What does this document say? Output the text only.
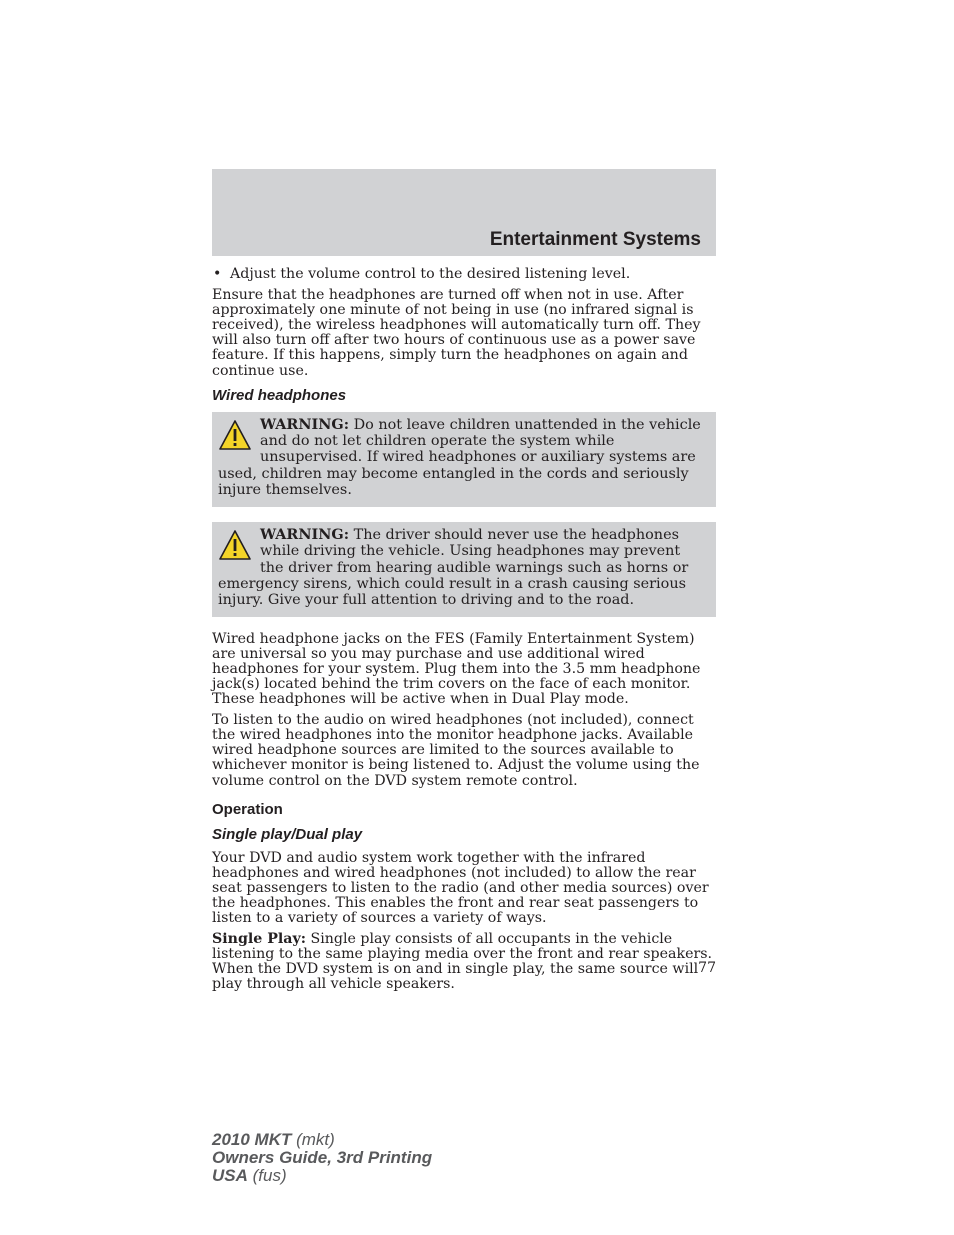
Entertainment Systems
• Adjust the volume control to the desired listening level.

Ensure that the headphones are turned off when not in use. After approximately one minute of not being in use (no infrared signal is received), the wireless headphones will automatically turn off. They will also turn off after two hours of continuous use as a power save feature. If this happens, simply turn the headphones on again and continue use.

Wired headphones
WARNING: Do not leave children unattended in the vehicle and do not let children operate the system while unsupervised. If wired headphones or auxiliary systems are used, children may become entangled in the cords and seriously injure themselves.
WARNING: The driver should never use the headphones while driving the vehicle. Using headphones may prevent the driver from hearing audible warnings such as horns or emergency sirens, which could result in a crash causing serious injury. Give your full attention to driving and to the road.

Wired headphone jacks on the FES (Family Entertainment System) are universal so you may purchase and use additional wired headphones for your system. Plug them into the 3.5 mm headphone jack(s) located behind the trim covers on the face of each monitor. These headphones will be active when in Dual Play mode.

To listen to the audio on wired headphones (not included), connect the wired headphones into the monitor headphone jacks. Available wired headphone sources are limited to the sources available to whichever monitor is being listened to. Adjust the volume using the volume control on the DVD system remote control.

Operation
Single play/Dual play

Your DVD and audio system work together with the infrared headphones and wired headphones (not included) to allow the rear seat passengers to listen to the radio (and other media sources) over the headphones. This enables the front and rear seat passengers to listen to a variety of sources a variety of ways.

Single Play: Single play consists of all occupants in the vehicle listening to the same playing media over the front and rear speakers. When the DVD system is on and in single play, the same source will play through all vehicle speakers.

77
2010 MKT (mkt)
Owners Guide, 3rd Printing
USA (fus)
